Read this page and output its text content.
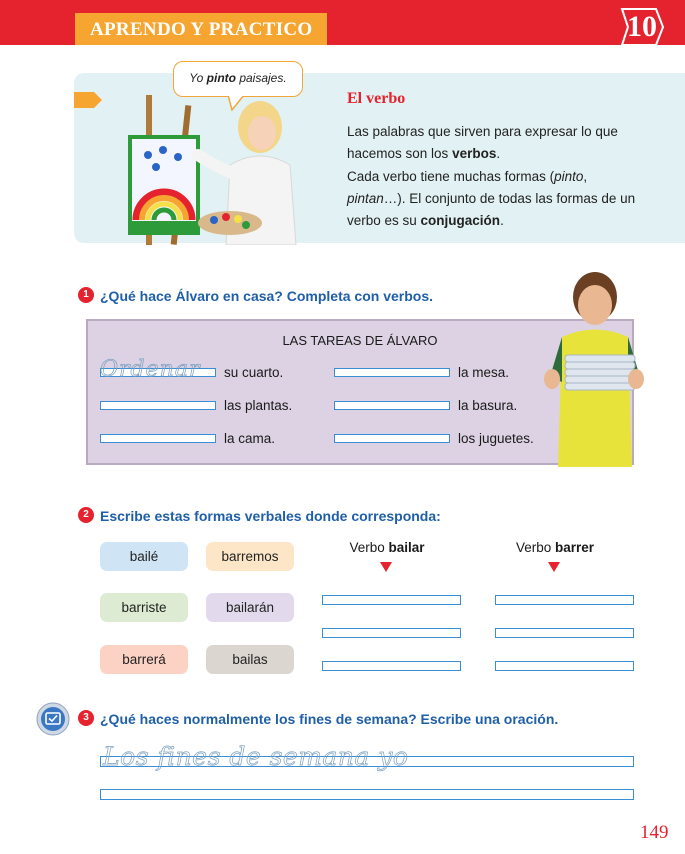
APRENDO Y PRACTICO	10
Yo pinto paisajes.
El verbo
Las palabras que sirven para expresar lo que hacemos son los verbos.
Cada verbo tiene muchas formas (pinto, pintan…). El conjunto de todas las formas de un verbo es su conjugación.
1 ¿Qué hace Álvaro en casa? Completa con verbos.
LAS TAREAS DE ÁLVARO
Ordenar su cuarto.	la mesa.
las plantas.	la basura.
la cama.	los juguetes.
2 Escribe estas formas verbales donde corresponda:
bailé	barremos
barriste	bailarán
barrerá	bailas
Verbo bailar	Verbo barrer
3 ¿Qué haces normalmente los fines de semana? Escribe una oración.
Los fines de semana yo
149
